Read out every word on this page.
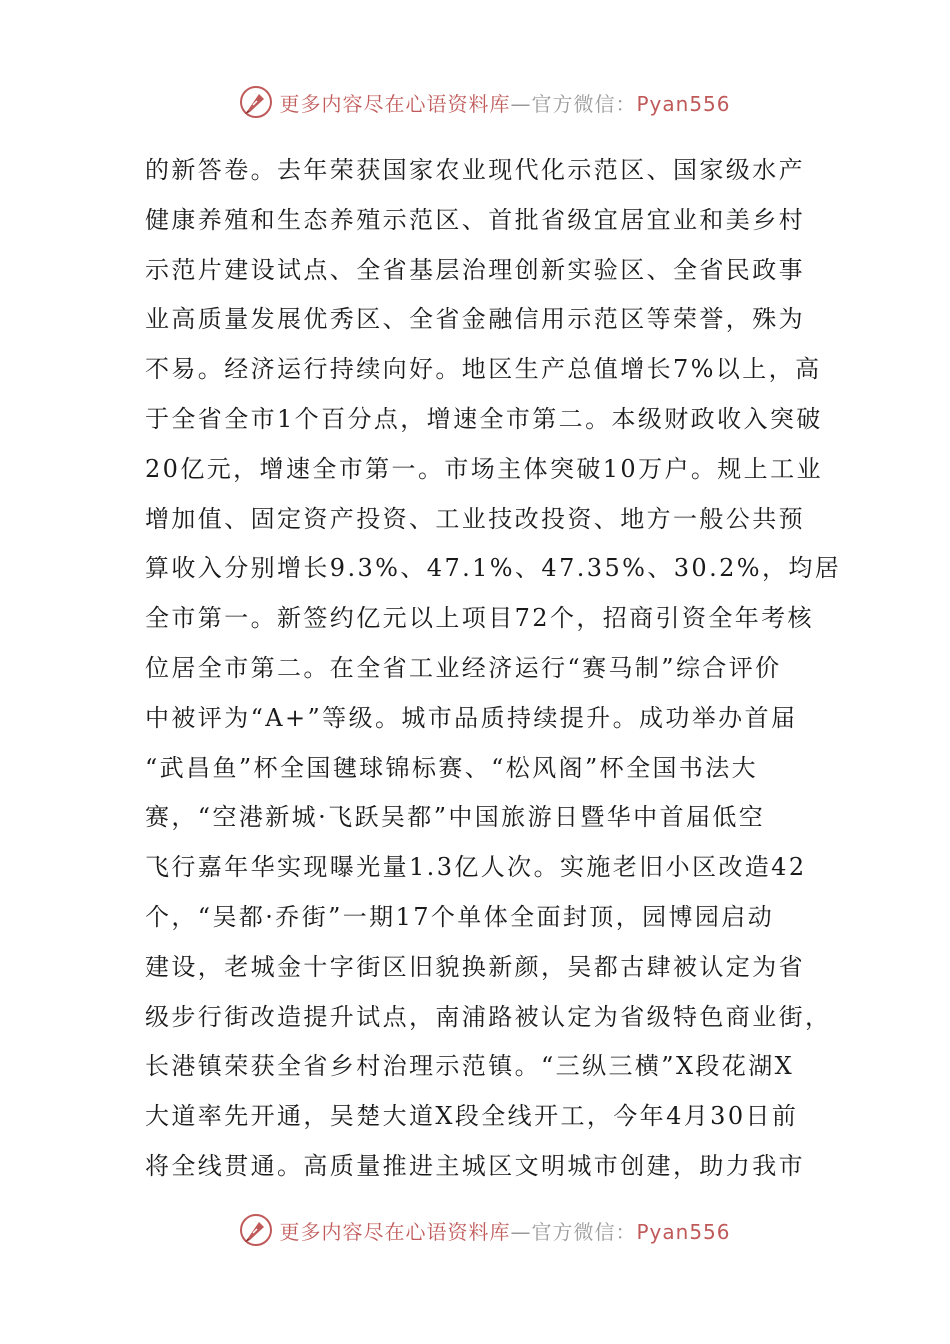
更多内容尽在心语资料库—官方微信：Pyan556
的新答卷。去年荣获国家农业现代化示范区、国家级水产
健康养殖和生态养殖示范区、首批省级宜居宜业和美乡村
示范片建设试点、全省基层治理创新实验区、全省民政事
业高质量发展优秀区、全省金融信用示范区等荣誉，殊为
不易。经济运行持续向好。地区生产总值增长7%以上，高
于全省全市1个百分点，增速全市第二。本级财政收入突破
20亿元，增速全市第一。市场主体突破10万户。规上工业
增加值、固定资产投资、工业技改投资、地方一般公共预
算收入分别增长9.3%、47.1%、47.35%、30.2%，均居
全市第一。新签约亿元以上项目72个，招商引资全年考核
位居全市第二。在全省工业经济运行“赛马制”综合评价
中被评为“A+”等级。城市品质持续提升。成功举办首届
“武昌鱼”杯全国毽球锦标赛、“松风阁”杯全国书法大
赛，“空港新城·飞跃吴都”中国旅游日暨华中首届低空
飞行嘉年华实现曝光量1.3亿人次。实施老旧小区改造42
个，“吴都·乔街”一期17个单体全面封顶，园博园启动
建设，老城金十字街区旧貌换新颜，吴都古肆被认定为省
级步行街改造提升试点，南浦路被认定为省级特色商业街，
长港镇荣获全省乡村治理示范镇。“三纵三横”X段花湖X
大道率先开通，吴楚大道X段全线开工，今年4月30日前
将全线贯通。高质量推进主城区文明城市创建，助力我市
更多内容尽在心语资料库—官方微信：Pyan556
